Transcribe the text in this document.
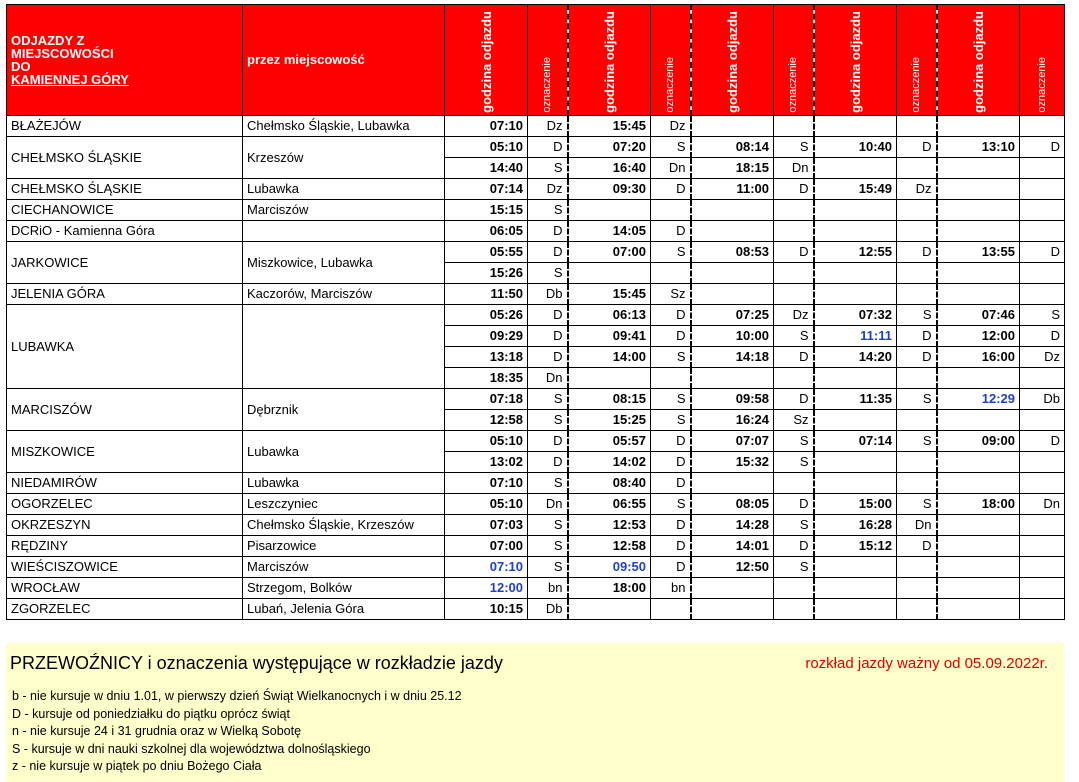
ODJAZDY Z
MIEJSCOWOŚCI
DO
KAMIENNEJ GÓRY	przez miejscowość	godzina odjazdu	oznaczenie	godzina odjazdu	oznaczenie	godzina odjazdu	oznaczenie	godzina odjazdu	oznaczenie	godzina odjazdu	oznaczenie
BŁAŻEJÓW	Chełmsko Śląskie, Lubawka	07:10	Dz	15:45	Dz						
CHEŁMSKO ŚLĄSKIE	Krzeszów	05:10	D	07:20	S	08:14	S	10:40	D	13:10	D
		14:40	S	16:40	Dn	18:15	Dn				
CHEŁMSKO ŚLĄSKIE	Lubawka	07:14	Dz	09:30	D	11:00	D	15:49	Dz		
CIECHANOWICE	Marciszów	15:15	S								
DCRiO - Kamienna Góra		06:05	D	14:05	D						
JARKOWICE	Miszkowice, Lubawka	05:55	D	07:00	S	08:53	D	12:55	D	13:55	D
		15:26	S								
JELENIA GÓRA	Kaczorów, Marciszów	11:50	Db	15:45	Sz						
LUBAWKA		05:26	D	06:13	D	07:25	Dz	07:32	S	07:46	S
		09:29	D	09:41	D	10:00	S	11:11	D	12:00	D
		13:18	D	14:00	S	14:18	D	14:20	D	16:00	Dz
		18:35	Dn								
MARCISZÓW	Dębrznik	07:18	S	08:15	S	09:58	D	11:35	S	12:29	Db
		12:58	S	15:25	S	16:24	Sz				
MISZKOWICE	Lubawka	05:10	D	05:57	D	07:07	S	07:14	S	09:00	D
		13:02	D	14:02	D	15:32	S				
NIEDAMIRÓW	Lubawka	07:10	S	08:40	D						
OGORZELEC	Leszczyniec	05:10	Dn	06:55	S	08:05	D	15:00	S	18:00	Dn
OKRZESZYN	Chełmsko Śląskie, Krzeszów	07:03	S	12:53	D	14:28	S	16:28	Dn		
RĘDZINY	Pisarzowice	07:00	S	12:58	D	14:01	D	15:12	D		
WIEŚCISZOWICE	Marciszów	07:10	S	09:50	D	12:50	S				
WROCŁAW	Strzegom, Bolków	12:00	bn	18:00	bn						
ZGORZELEC	Lubań, Jelenia Góra	10:15	Db								
PRZEWOŹNICY i oznaczenia występujące w rozkładzie jazdy	rozkład jazdy ważny od 05.09.2022r.
b - nie kursuje w dniu 1.01, w pierwszy dzień Świąt Wielkanocnych i w dniu 25.12
D - kursuje od poniedziałku do piątku oprócz świąt
n - nie kursuje 24 i 31 grudnia oraz w Wielką Sobotę
S - kursuje w dni nauki szkolnej dla województwa dolnośląskiego
z - nie kursuje w piątek po dniu Bożego Ciała
